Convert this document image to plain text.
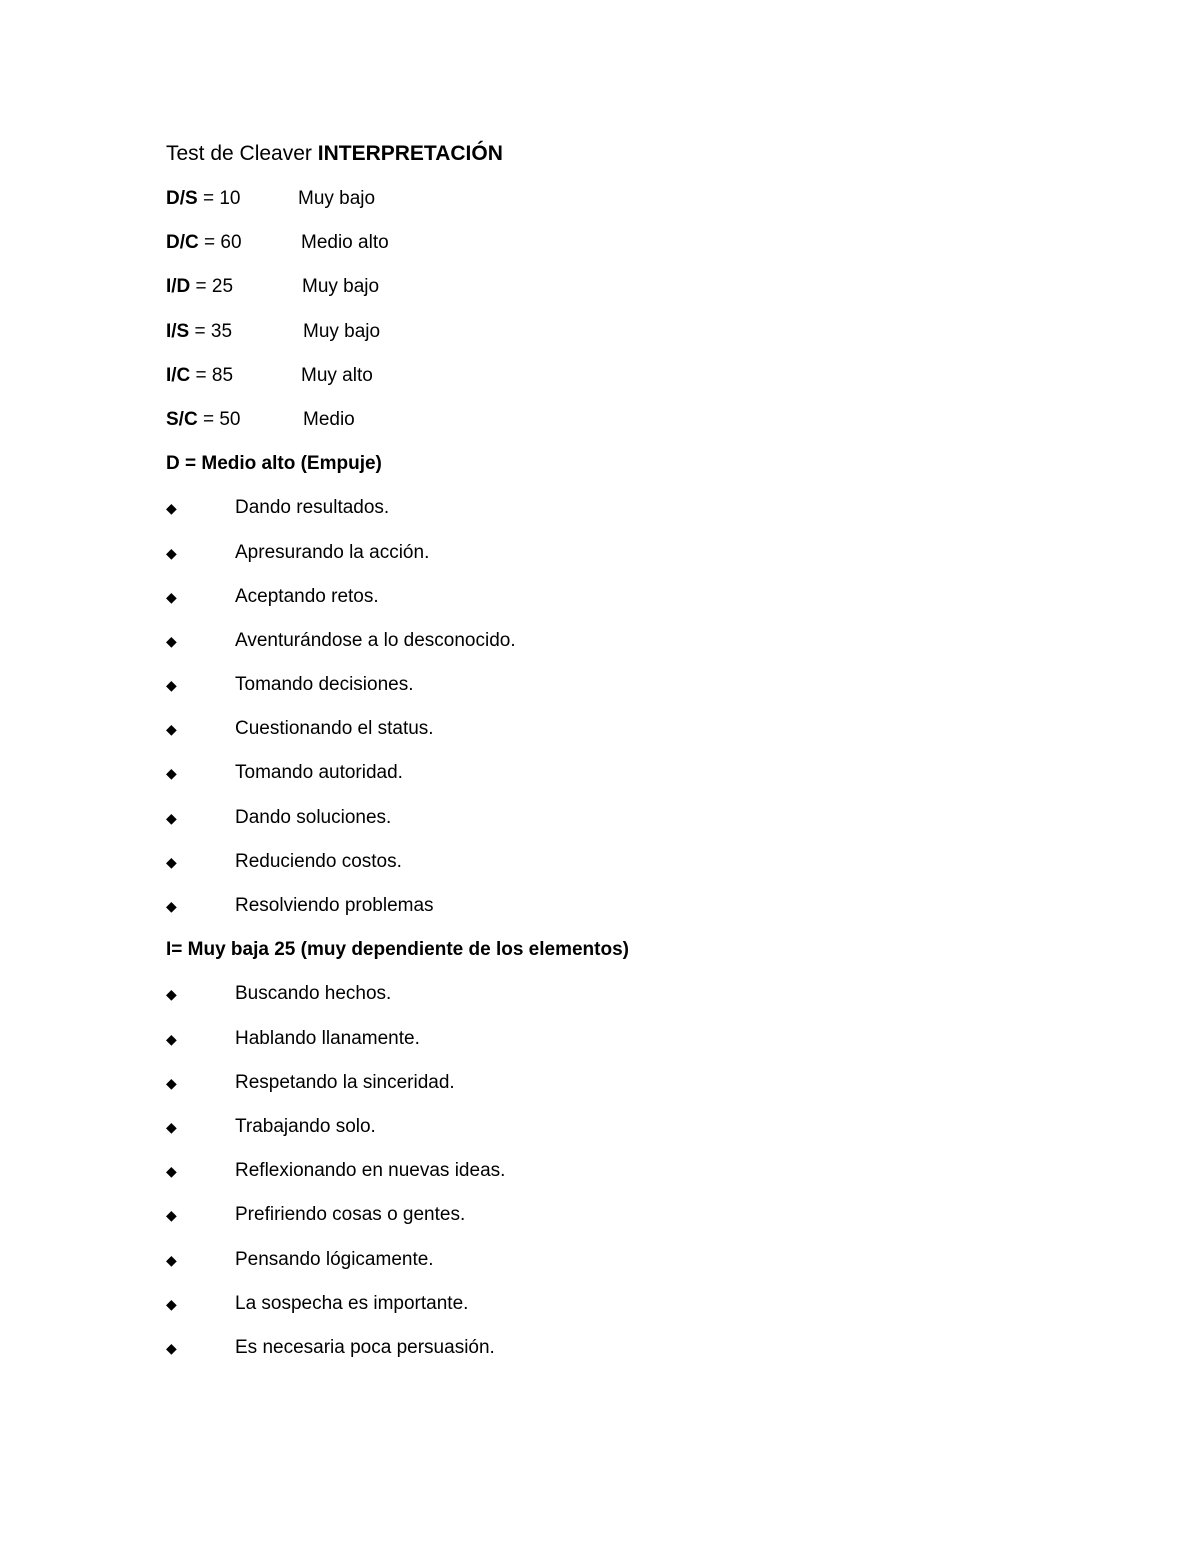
Test de Cleaver INTERPRETACIÓN
D/S = 10	Muy bajo
D/C = 60	Medio alto
I/D = 25	Muy bajo
I/S = 35	Muy bajo
I/C = 85	Muy alto
S/C = 50	Medio
D = Medio alto (Empuje)
◆	Dando resultados.
◆	Apresurando la acción.
◆	Aceptando retos.
◆	Aventurándose a lo desconocido.
◆	Tomando decisiones.
◆	Cuestionando el status.
◆	Tomando autoridad.
◆	Dando soluciones.
◆	Reduciendo costos.
◆	Resolviendo problemas
I= Muy baja 25 (muy dependiente de los elementos)
◆	Buscando hechos.
◆	Hablando llanamente.
◆	Respetando la sinceridad.
◆	Trabajando solo.
◆	Reflexionando en nuevas ideas.
◆	Prefiriendo cosas o gentes.
◆	Pensando lógicamente.
◆	La sospecha es importante.
◆	Es necesaria poca persuasión.
